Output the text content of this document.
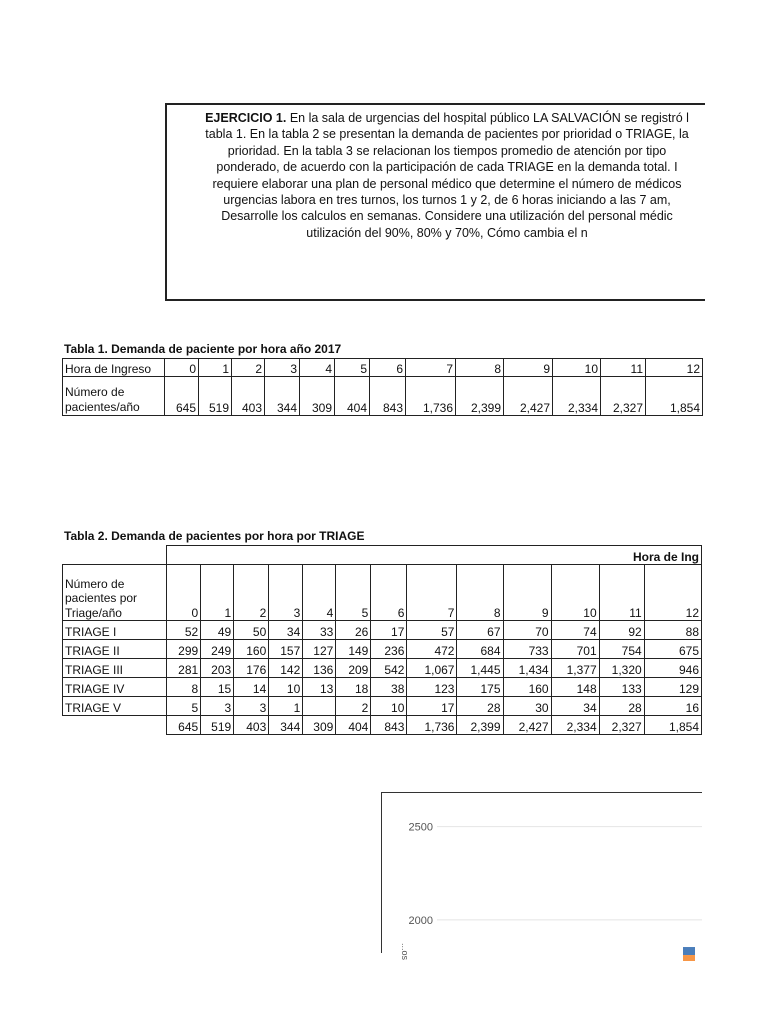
EJERCICIO 1. En la sala de urgencias del hospital público LA SALVACIÓN se registró l
tabla 1. En la tabla 2 se presentan la demanda de pacientes por prioridad o TRIAGE, la
prioridad. En la tabla 3 se relacionan los tiempos promedio de atención por tipo
ponderado, de acuerdo con la participación de cada TRIAGE en la demanda total. I
requiere elaborar una plan de personal médico que determine el número de médicos
urgencias labora en tres turnos, los turnos 1 y 2, de 6 horas iniciando a las 7 am,
Desarrolle los calculos en semanas. Considere una utilización del personal médic
utilización del 90%, 80% y 70%, Cómo cambia el n
Tabla 1. Demanda de paciente por hora año 2017
Hora de Ingreso	0	1	2	3	4	5	6	7	8	9	10	11	12

Número de
pacientes/año	645	519	403	344	309	404	843	1,736	2,399	2,427	2,334	2,327	1,854
Tabla 2. Demanda de pacientes por hora por TRIAGE
	Hora de Ing												

Número de
pacientes por
Triage/año	0	1	2	3	4	5	6	7	8	9	10	11	12
TRIAGE I	52	49	50	34	33	26	17	57	67	70	74	92	88
TRIAGE II	299	249	160	157	127	149	236	472	684	733	701	754	675
TRIAGE III	281	203	176	142	136	209	542	1,067	1,445	1,434	1,377	1,320	946
TRIAGE IV	8	15	14	10	13	18	38	123	175	160	148	133	129
TRIAGE V	5	3	3	1		2	10	17	28	30	34	28	16
	645	519	403	344	309	404	843	1,736	2,399	2,427	2,334	2,327	1,854
2500
2000
...os
